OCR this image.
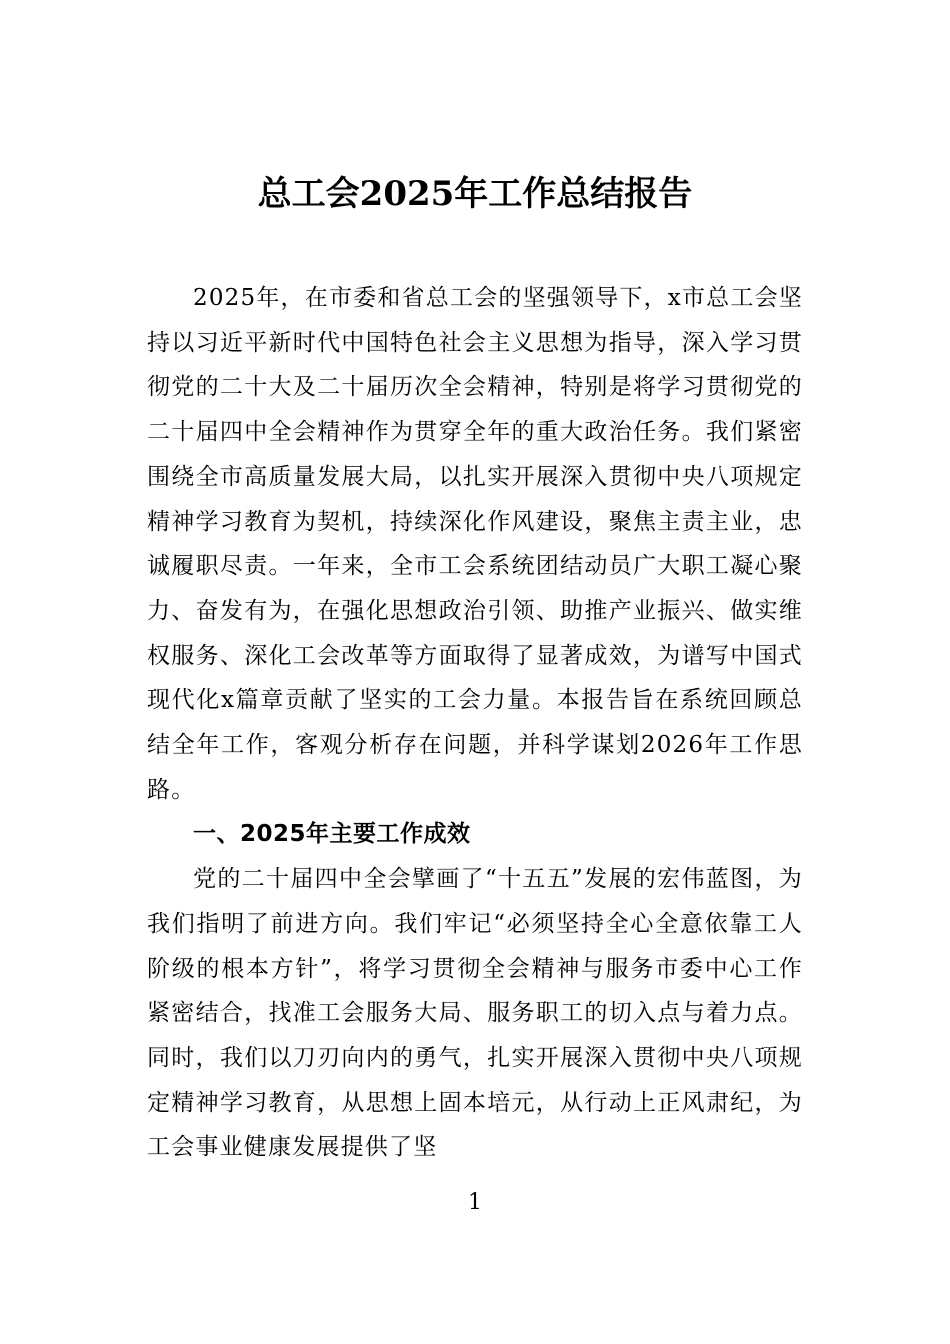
总工会2025年工作总结报告

2025年，在市委和省总工会的坚强领导下，x市总工会坚持以习近平新时代中国特色社会主义思想为指导，深入学习贯彻党的二十大及二十届历次全会精神，特别是将学习贯彻党的二十届四中全会精神作为贯穿全年的重大政治任务。我们紧密围绕全市高质量发展大局，以扎实开展深入贯彻中央八项规定精神学习教育为契机，持续深化作风建设，聚焦主责主业，忠诚履职尽责。一年来，全市工会系统团结动员广大职工凝心聚力、奋发有为，在强化思想政治引领、助推产业振兴、做实维权服务、深化工会改革等方面取得了显著成效，为谱写中国式现代化x篇章贡献了坚实的工会力量。本报告旨在系统回顾总结全年工作，客观分析存在问题，并科学谋划2026年工作思路。

一、2025年主要工作成效

党的二十届四中全会擘画了“十五五”发展的宏伟蓝图，为我们指明了前进方向。我们牢记“必须坚持全心全意依靠工人阶级的根本方针”，将学习贯彻全会精神与服务市委中心工作紧密结合，找准工会服务大局、服务职工的切入点与着力点。同时，我们以刀刃向内的勇气，扎实开展深入贯彻中央八项规定精神学习教育，从思想上固本培元，从行动上正风肃纪，为工会事业健康发展提供了坚

1
